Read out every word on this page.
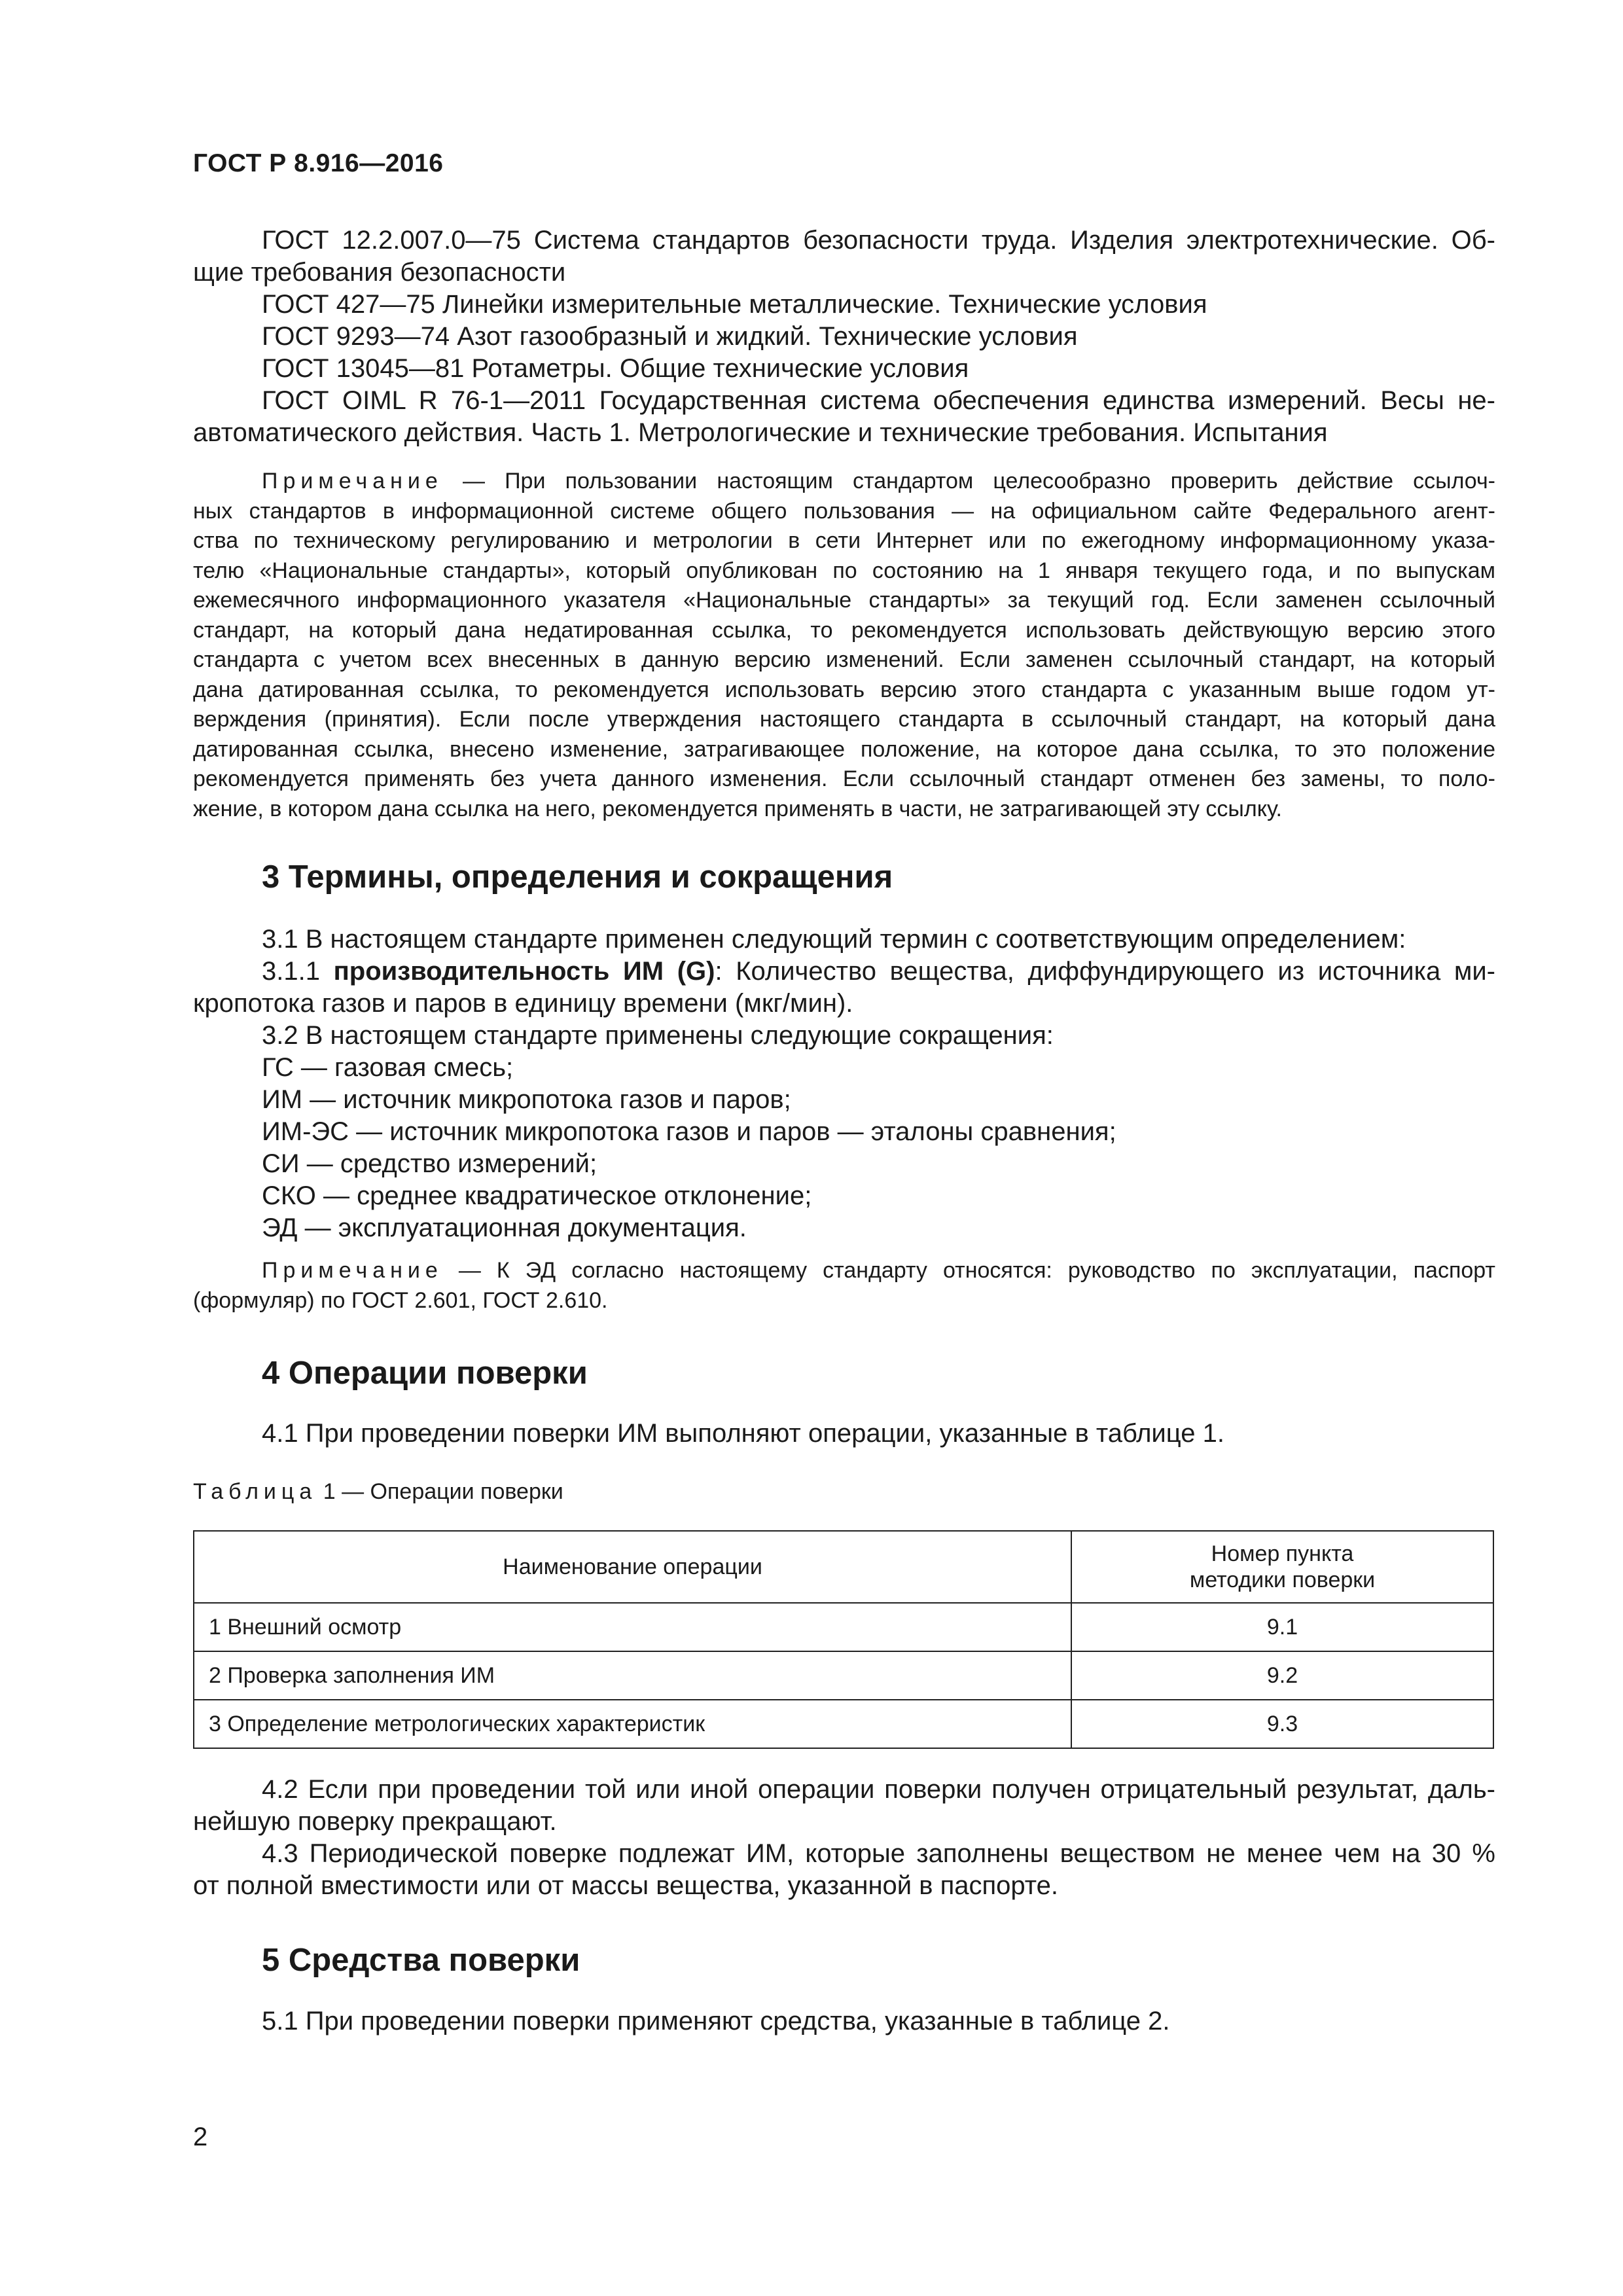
ГОСТ Р 8.916—2016
ГОСТ 12.2.007.0—75 Система стандартов безопасности труда. Изделия электротехнические. Об-
щие требования безопасности
ГОСТ 427—75 Линейки измерительные металлические. Технические условия
ГОСТ 9293—74 Азот газообразный и жидкий. Технические условия
ГОСТ 13045—81 Ротаметры. Общие технические условия
ГОСТ OIML R 76-1—2011 Государственная система обеспечения единства измерений. Весы не-
автоматического действия. Часть 1. Метрологические и технические требования. Испытания
Примечание — При пользовании настоящим стандартом целесообразно проверить действие ссылоч-
ных стандартов в информационной системе общего пользования — на официальном сайте Федерального агент-
ства по техническому регулированию и метрологии в сети Интернет или по ежегодному информационному указа-
телю «Национальные стандарты», который опубликован по состоянию на 1 января текущего года, и по выпускам
ежемесячного информационного указателя «Национальные стандарты» за текущий год. Если заменен ссылочный
стандарт, на который дана недатированная ссылка, то рекомендуется использовать действующую версию этого
стандарта с учетом всех внесенных в данную версию изменений. Если заменен ссылочный стандарт, на который
дана датированная ссылка, то рекомендуется использовать версию этого стандарта с указанным выше годом ут-
верждения (принятия). Если после утверждения настоящего стандарта в ссылочный стандарт, на который дана
датированная ссылка, внесено изменение, затрагивающее положение, на которое дана ссылка, то это положение
рекомендуется применять без учета данного изменения. Если ссылочный стандарт отменен без замены, то поло-
жение, в котором дана ссылка на него, рекомендуется применять в части, не затрагивающей эту ссылку.
3 Термины, определения и сокращения
3.1 В настоящем стандарте применен следующий термин с соответствующим определением:
3.1.1 производительность ИМ (G): Количество вещества, диффундирующего из источника ми-
кропотока газов и паров в единицу времени (мкг/мин).
3.2 В настоящем стандарте применены следующие сокращения:
ГС — газовая смесь;
ИМ — источник микропотока газов и паров;
ИМ-ЭС — источник микропотока газов и паров — эталоны сравнения;
СИ — средство измерений;
СКО — среднее квадратическое отклонение;
ЭД — эксплуатационная документация.
Примечание — К ЭД согласно настоящему стандарту относятся: руководство по эксплуатации, паспорт
(формуляр) по ГОСТ 2.601, ГОСТ 2.610.
4 Операции поверки
4.1 При проведении поверки ИМ выполняют операции, указанные в таблице 1.
Таблица 1 — Операции поверки
Наименование операции	Номер пункта
методики поверки

1 Внешний осмотр	9.1
2 Проверка заполнения ИМ	9.2
3 Определение метрологических характеристик	9.3
4.2 Если при проведении той или иной операции поверки получен отрицательный результат, даль-
нейшую поверку прекращают.
4.3 Периодической поверке подлежат ИМ, которые заполнены веществом не менее чем на 30 %
от полной вместимости или от массы вещества, указанной в паспорте.
5 Средства поверки
5.1 При проведении поверки применяют средства, указанные в таблице 2.
2
